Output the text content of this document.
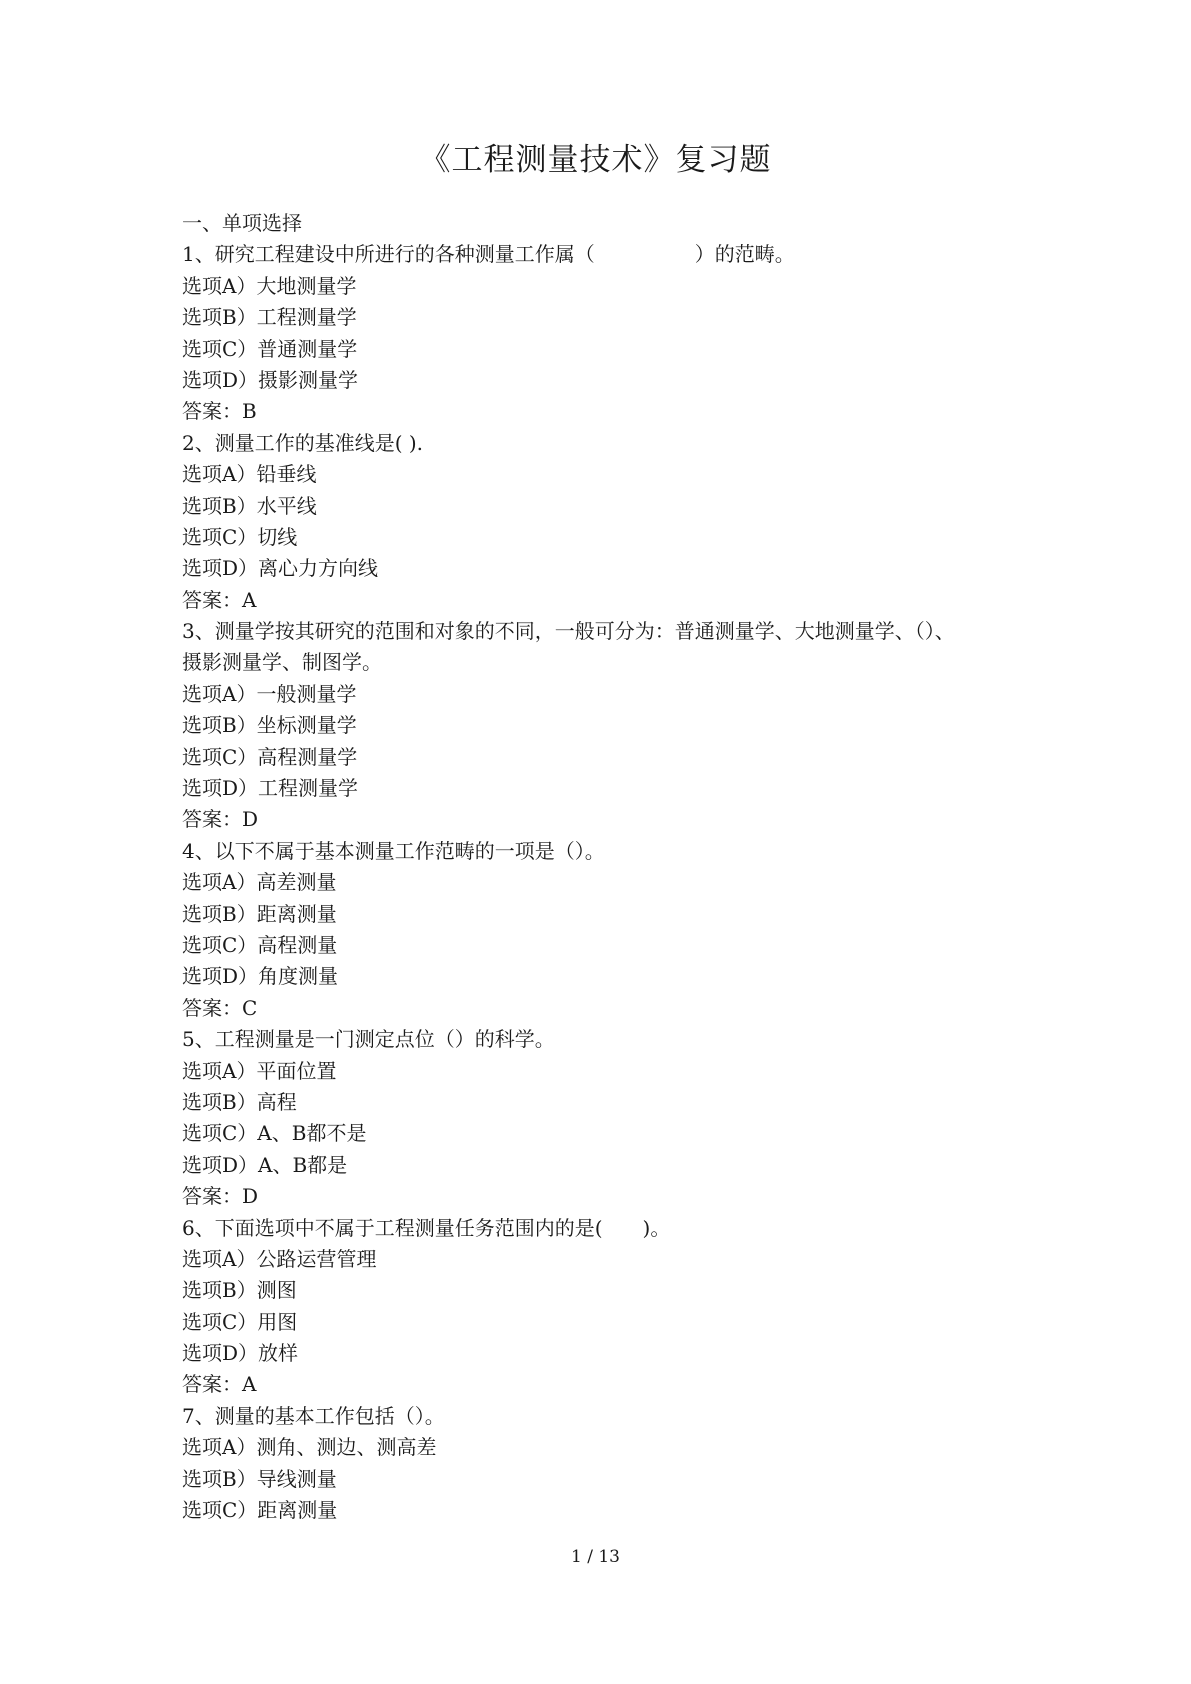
《工程测量技术》复习题
一、单项选择
1、研究工程建设中所进行的各种测量工作属（　　　　　）的范畴。
选项A）大地测量学
选项B）工程测量学
选项C）普通测量学
选项D）摄影测量学
答案：B
2、测量工作的基准线是( ).
选项A）铅垂线
选项B）水平线
选项C）切线
选项D）离心力方向线
答案：A
3、测量学按其研究的范围和对象的不同，一般可分为：普通测量学、大地测量学、（）、
摄影测量学、制图学。
选项A）一般测量学
选项B）坐标测量学
选项C）高程测量学
选项D）工程测量学
答案：D
4、以下不属于基本测量工作范畴的一项是（）。
选项A）高差测量
选项B）距离测量
选项C）高程测量
选项D）角度测量
答案：C
5、工程测量是一门测定点位（）的科学。
选项A）平面位置
选项B）高程
选项C）A、B都不是
选项D）A、B都是
答案：D
6、下面选项中不属于工程测量任务范围内的是(　　)。
选项A）公路运营管理
选项B）测图
选项C）用图
选项D）放样
答案：A
7、测量的基本工作包括（）。
选项A）测角、测边、测高差
选项B）导线测量
选项C）距离测量
1 / 13
